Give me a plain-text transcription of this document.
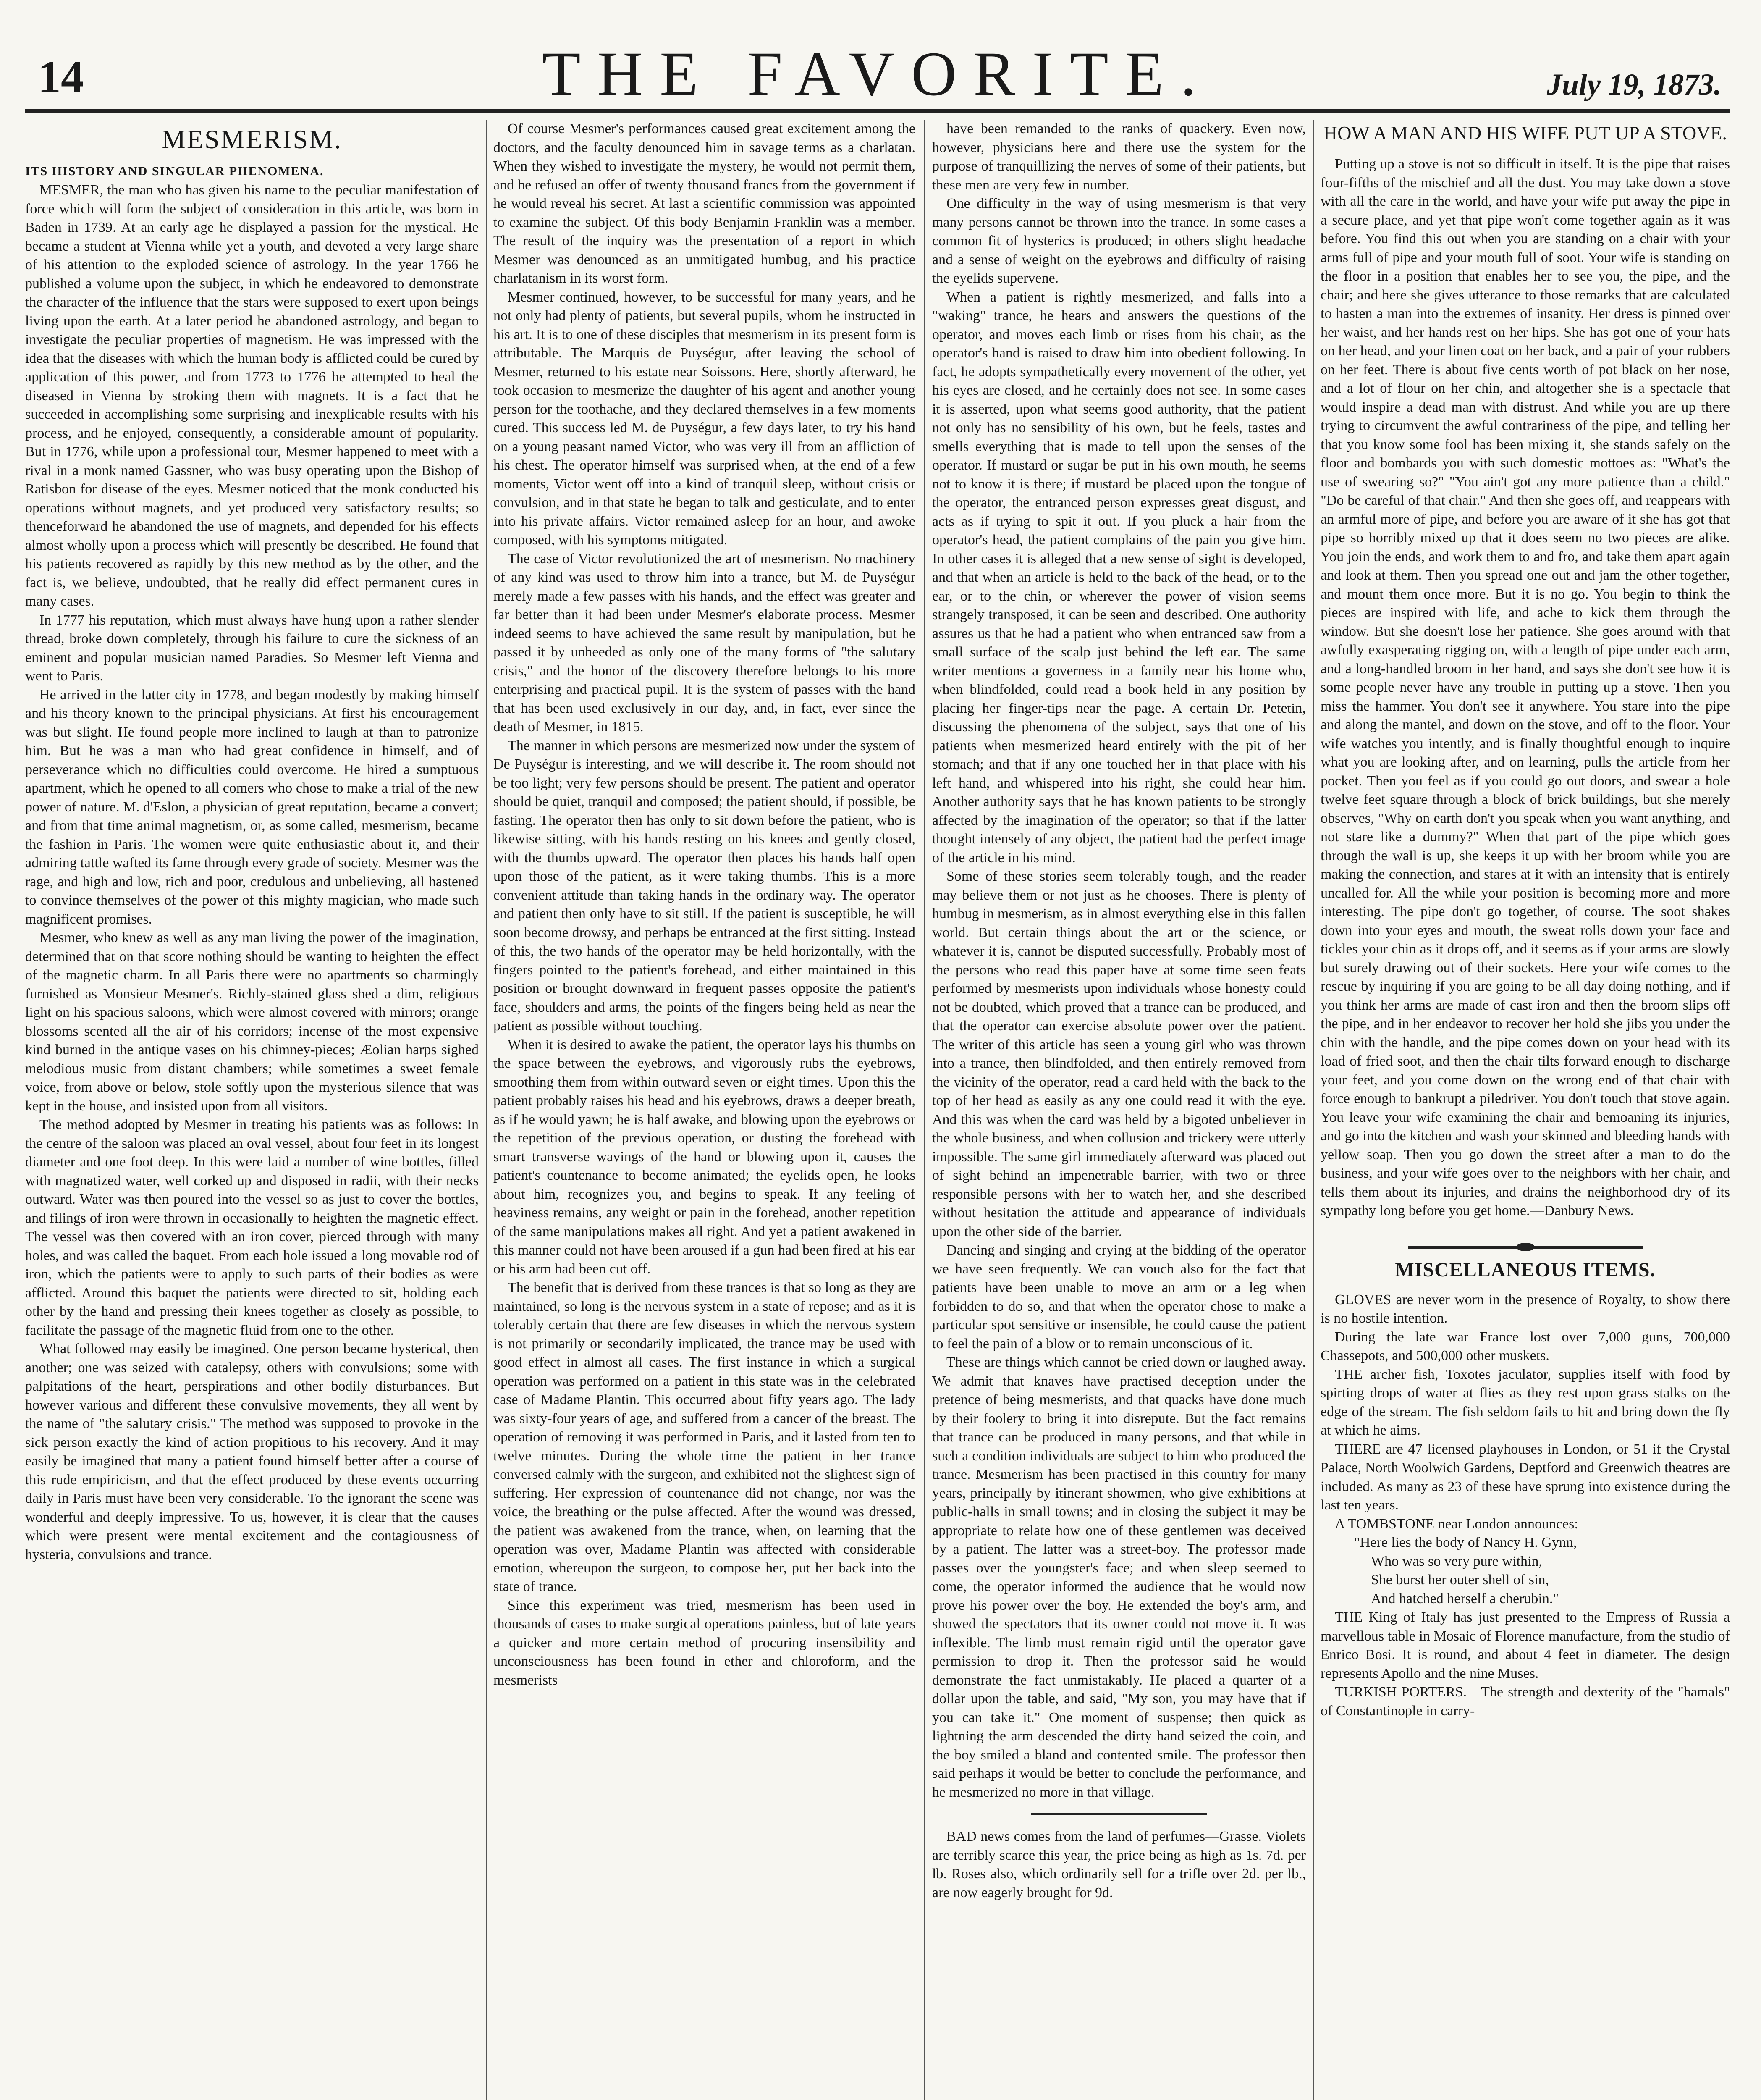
14	THE FAVORITE.	July 19, 1873.
MESMERISM.

ITS HISTORY AND SINGULAR PHENOMENA.

MESMER, the man who has given his name to the peculiar manifestation of force which will form the subject of consideration in this article, was born in Baden in 1739. At an early age he displayed a passion for the mystical. He became a student at Vienna while yet a youth, and devoted a very large share of his attention to the exploded science of astrology. In the year 1766 he published a volume upon the subject, in which he endeavored to demonstrate the character of the influence that the stars were supposed to exert upon beings living upon the earth. At a later period he abandoned astrology, and began to investigate the peculiar properties of magnetism. He was impressed with the idea that the diseases with which the human body is afflicted could be cured by application of this power, and from 1773 to 1776 he attempted to heal the diseased in Vienna by stroking them with magnets. It is a fact that he succeeded in accomplishing some surprising and inexplicable results with his process, and he enjoyed, consequently, a considerable amount of popularity. But in 1776, while upon a professional tour, Mesmer happened to meet with a rival in a monk named Gassner, who was busy operating upon the Bishop of Ratisbon for disease of the eyes. Mesmer noticed that the monk conducted his operations without magnets, and yet produced very satisfactory results; so thenceforward he abandoned the use of magnets, and depended for his effects almost wholly upon a process which will presently be described. He found that his patients recovered as rapidly by this new method as by the other, and the fact is, we believe, undoubted, that he really did effect permanent cures in many cases.

In 1777 his reputation, which must always have hung upon a rather slender thread, broke down completely, through his failure to cure the sickness of an eminent and popular musician named Paradies. So Mesmer left Vienna and went to Paris.

He arrived in the latter city in 1778, and began modestly by making himself and his theory known to the principal physicians. At first his encouragement was but slight. He found people more inclined to laugh at than to patronize him. But he was a man who had great confidence in himself, and of perseverance which no difficulties could overcome. He hired a sumptuous apartment, which he opened to all comers who chose to make a trial of the new power of nature. M. d'Eslon, a physician of great reputation, became a convert; and from that time animal magnetism, or, as some called, mesmerism, became the fashion in Paris. The women were quite enthusiastic about it, and their admiring tattle wafted its fame through every grade of society. Mesmer was the rage, and high and low, rich and poor, credulous and unbelieving, all hastened to convince themselves of the power of this mighty magician, who made such magnificent promises.

Mesmer, who knew as well as any man living the power of the imagination, determined that on that score nothing should be wanting to heighten the effect of the magnetic charm. In all Paris there were no apartments so charmingly furnished as Monsieur Mesmer's. Richly-stained glass shed a dim, religious light on his spacious saloons, which were almost covered with mirrors; orange blossoms scented all the air of his corridors; incense of the most expensive kind burned in the antique vases on his chimney-pieces; Æolian harps sighed melodious music from distant chambers; while sometimes a sweet female voice, from above or below, stole softly upon the mysterious silence that was kept in the house, and insisted upon from all visitors.

The method adopted by Mesmer in treating his patients was as follows: In the centre of the saloon was placed an oval vessel, about four feet in its longest diameter and one foot deep. In this were laid a number of wine bottles, filled with magnatized water, well corked up and disposed in radii, with their necks outward. Water was then poured into the vessel so as just to cover the bottles, and filings of iron were thrown in occasionally to heighten the magnetic effect. The vessel was then covered with an iron cover, pierced through with many holes, and was called the baquet. From each hole issued a long movable rod of iron, which the patients were to apply to such parts of their bodies as were afflicted. Around this baquet the patients were directed to sit, holding each other by the hand and pressing their knees together as closely as possible, to facilitate the passage of the magnetic fluid from one to the other.

What followed may easily be imagined. One person became hysterical, then another; one was seized with catalepsy, others with convulsions; some with palpitations of the heart, perspirations and other bodily disturbances. But however various and different these convulsive movements, they all went by the name of "the salutary crisis." The method was supposed to provoke in the sick person exactly the kind of action propitious to his recovery. And it may easily be imagined that many a patient found himself better after a course of this rude empiricism, and that the effect produced by these events occurring daily in Paris must have been very considerable. To the ignorant the scene was wonderful and deeply impressive. To us, however, it is clear that the causes which were present were mental excitement and the contagiousness of hysteria, convulsions and trance.

Of course Mesmer's performances caused great excitement among the doctors, and the faculty denounced him in savage terms as a charlatan. When they wished to investigate the mystery, he would not permit them, and he refused an offer of twenty thousand francs from the government if he would reveal his secret. At last a scientific commission was appointed to examine the subject. Of this body Benjamin Franklin was a member. The result of the inquiry was the presentation of a report in which Mesmer was denounced as an unmitigated humbug, and his practice charlatanism in its worst form.

Mesmer continued, however, to be successful for many years, and he not only had plenty of patients, but several pupils, whom he instructed in his art. It is to one of these disciples that mesmerism in its present form is attributable. The Marquis de Puységur, after leaving the school of Mesmer, returned to his estate near Soissons. Here, shortly afterward, he took occasion to mesmerize the daughter of his agent and another young person for the toothache, and they declared themselves in a few moments cured. This success led M. de Puységur, a few days later, to try his hand on a young peasant named Victor, who was very ill from an affliction of his chest. The operator himself was surprised when, at the end of a few moments, Victor went off into a kind of tranquil sleep, without crisis or convulsion, and in that state he began to talk and gesticulate, and to enter into his private affairs. Victor remained asleep for an hour, and awoke composed, with his symptoms mitigated.

The case of Victor revolutionized the art of mesmerism. No machinery of any kind was used to throw him into a trance, but M. de Puységur merely made a few passes with his hands, and the effect was greater and far better than it had been under Mesmer's elaborate process. Mesmer indeed seems to have achieved the same result by manipulation, but he passed it by unheeded as only one of the many forms of "the salutary crisis," and the honor of the discovery therefore belongs to his more enterprising and practical pupil. It is the system of passes with the hand that has been used exclusively in our day, and, in fact, ever since the death of Mesmer, in 1815.

The manner in which persons are mesmerized now under the system of De Puységur is interesting, and we will describe it. The room should not be too light; very few persons should be present. The patient and operator should be quiet, tranquil and composed; the patient should, if possible, be fasting. The operator then has only to sit down before the patient, who is likewise sitting, with his hands resting on his knees and gently closed, with the thumbs upward. The operator then places his hands half open upon those of the patient, as it were taking thumbs. This is a more convenient attitude than taking hands in the ordinary way. The operator and patient then only have to sit still. If the patient is susceptible, he will soon become drowsy, and perhaps be entranced at the first sitting. Instead of this, the two hands of the operator may be held horizontally, with the fingers pointed to the patient's forehead, and either maintained in this position or brought downward in frequent passes opposite the patient's face, shoulders and arms, the points of the fingers being held as near the patient as possible without touching.

When it is desired to awake the patient, the operator lays his thumbs on the space between the eyebrows, and vigorously rubs the eyebrows, smoothing them from within outward seven or eight times. Upon this the patient probably raises his head and his eyebrows, draws a deeper breath, as if he would yawn; he is half awake, and blowing upon the eyebrows or the repetition of the previous operation, or dusting the forehead with smart transverse wavings of the hand or blowing upon it, causes the patient's countenance to become animated; the eyelids open, he looks about him, recognizes you, and begins to speak. If any feeling of heaviness remains, any weight or pain in the forehead, another repetition of the same manipulations makes all right. And yet a patient awakened in this manner could not have been aroused if a gun had been fired at his ear or his arm had been cut off.

The benefit that is derived from these trances is that so long as they are maintained, so long is the nervous system in a state of repose; and as it is tolerably certain that there are few diseases in which the nervous system is not primarily or secondarily implicated, the trance may be used with good effect in almost all cases. The first instance in which a surgical operation was performed on a patient in this state was in the celebrated case of Madame Plantin. This occurred about fifty years ago. The lady was sixty-four years of age, and suffered from a cancer of the breast. The operation of removing it was performed in Paris, and it lasted from ten to twelve minutes. During the whole time the patient in her trance conversed calmly with the surgeon, and exhibited not the slightest sign of suffering. Her expression of countenance did not change, nor was the voice, the breathing or the pulse affected. After the wound was dressed, the patient was awakened from the trance, when, on learning that the operation was over, Madame Plantin was affected with considerable emotion, whereupon the surgeon, to compose her, put her back into the state of trance.

Since this experiment was tried, mesmerism has been used in thousands of cases to make surgical operations painless, but of late years a quicker and more certain method of procuring insensibility and unconsciousness has been found in ether and chloroform, and the mesmerists

have been remanded to the ranks of quackery. Even now, however, physicians here and there use the system for the purpose of tranquillizing the nerves of some of their patients, but these men are very few in number.

One difficulty in the way of using mesmerism is that very many persons cannot be thrown into the trance. In some cases a common fit of hysterics is produced; in others slight headache and a sense of weight on the eyebrows and difficulty of raising the eyelids supervene.

When a patient is rightly mesmerized, and falls into a "waking" trance, he hears and answers the questions of the operator, and moves each limb or rises from his chair, as the operator's hand is raised to draw him into obedient following. In fact, he adopts sympathetically every movement of the other, yet his eyes are closed, and he certainly does not see. In some cases it is asserted, upon what seems good authority, that the patient not only has no sensibility of his own, but he feels, tastes and smells everything that is made to tell upon the senses of the operator. If mustard or sugar be put in his own mouth, he seems not to know it is there; if mustard be placed upon the tongue of the operator, the entranced person expresses great disgust, and acts as if trying to spit it out. If you pluck a hair from the operator's head, the patient complains of the pain you give him. In other cases it is alleged that a new sense of sight is developed, and that when an article is held to the back of the head, or to the ear, or to the chin, or wherever the power of vision seems strangely transposed, it can be seen and described. One authority assures us that he had a patient who when entranced saw from a small surface of the scalp just behind the left ear. The same writer mentions a governess in a family near his home who, when blindfolded, could read a book held in any position by placing her finger-tips near the page. A certain Dr. Petetin, discussing the phenomena of the subject, says that one of his patients when mesmerized heard entirely with the pit of her stomach; and that if any one touched her in that place with his left hand, and whispered into his right, she could hear him. Another authority says that he has known patients to be strongly affected by the imagination of the operator; so that if the latter thought intensely of any object, the patient had the perfect image of the article in his mind.

Some of these stories seem tolerably tough, and the reader may believe them or not just as he chooses. There is plenty of humbug in mesmerism, as in almost everything else in this fallen world. But certain things about the art or the science, or whatever it is, cannot be disputed successfully. Probably most of the persons who read this paper have at some time seen feats performed by mesmerists upon individuals whose honesty could not be doubted, which proved that a trance can be produced, and that the operator can exercise absolute power over the patient. The writer of this article has seen a young girl who was thrown into a trance, then blindfolded, and then entirely removed from the vicinity of the operator, read a card held with the back to the top of her head as easily as any one could read it with the eye. And this was when the card was held by a bigoted unbeliever in the whole business, and when collusion and trickery were utterly impossible. The same girl immediately afterward was placed out of sight behind an impenetrable barrier, with two or three responsible persons with her to watch her, and she described without hesitation the attitude and appearance of individuals upon the other side of the barrier.

Dancing and singing and crying at the bidding of the operator we have seen frequently. We can vouch also for the fact that patients have been unable to move an arm or a leg when forbidden to do so, and that when the operator chose to make a particular spot sensitive or insensible, he could cause the patient to feel the pain of a blow or to remain unconscious of it.

These are things which cannot be cried down or laughed away. We admit that knaves have practised deception under the pretence of being mesmerists, and that quacks have done much by their foolery to bring it into disrepute. But the fact remains that trance can be produced in many persons, and that while in such a condition individuals are subject to him who produced the trance. Mesmerism has been practised in this country for many years, principally by itinerant showmen, who give exhibitions at public-halls in small towns; and in closing the subject it may be appropriate to relate how one of these gentlemen was deceived by a patient. The latter was a street-boy. The professor made passes over the youngster's face; and when sleep seemed to come, the operator informed the audience that he would now prove his power over the boy. He extended the boy's arm, and showed the spectators that its owner could not move it. It was inflexible. The limb must remain rigid until the operator gave permission to drop it. Then the professor said he would demonstrate the fact unmistakably. He placed a quarter of a dollar upon the table, and said, "My son, you may have that if you can take it." One moment of suspense; then quick as lightning the arm descended the dirty hand seized the coin, and the boy smiled a bland and contented smile. The professor then said perhaps it would be better to conclude the performance, and he mesmerized no more in that village.

BAD news comes from the land of perfumes—Grasse. Violets are terribly scarce this year, the price being as high as 1s. 7d. per lb. Roses also, which ordinarily sell for a trifle over 2d. per lb., are now eagerly brought for 9d.

HOW A MAN AND HIS WIFE PUT UP A STOVE.

Putting up a stove is not so difficult in itself. It is the pipe that raises four-fifths of the mischief and all the dust. You may take down a stove with all the care in the world, and have your wife put away the pipe in a secure place, and yet that pipe won't come together again as it was before. You find this out when you are standing on a chair with your arms full of pipe and your mouth full of soot. Your wife is standing on the floor in a position that enables her to see you, the pipe, and the chair; and here she gives utterance to those remarks that are calculated to hasten a man into the extremes of insanity. Her dress is pinned over her waist, and her hands rest on her hips. She has got one of your hats on her head, and your linen coat on her back, and a pair of your rubbers on her feet. There is about five cents worth of pot black on her nose, and a lot of flour on her chin, and altogether she is a spectacle that would inspire a dead man with distrust. And while you are up there trying to circumvent the awful contrariness of the pipe, and telling her that you know some fool has been mixing it, she stands safely on the floor and bombards you with such domestic mottoes as: "What's the use of swearing so?" "You ain't got any more patience than a child." "Do be careful of that chair." And then she goes off, and reappears with an armful more of pipe, and before you are aware of it she has got that pipe so horribly mixed up that it does seem no two pieces are alike. You join the ends, and work them to and fro, and take them apart again and look at them. Then you spread one out and jam the other together, and mount them once more. But it is no go. You begin to think the pieces are inspired with life, and ache to kick them through the window. But she doesn't lose her patience. She goes around with that awfully exasperating rigging on, with a length of pipe under each arm, and a long-handled broom in her hand, and says she don't see how it is some people never have any trouble in putting up a stove. Then you miss the hammer. You don't see it anywhere. You stare into the pipe and along the mantel, and down on the stove, and off to the floor. Your wife watches you intently, and is finally thoughtful enough to inquire what you are looking after, and on learning, pulls the article from her pocket. Then you feel as if you could go out doors, and swear a hole twelve feet square through a block of brick buildings, but she merely observes, "Why on earth don't you speak when you want anything, and not stare like a dummy?" When that part of the pipe which goes through the wall is up, she keeps it up with her broom while you are making the connection, and stares at it with an intensity that is entirely uncalled for. All the while your position is becoming more and more interesting. The pipe don't go together, of course. The soot shakes down into your eyes and mouth, the sweat rolls down your face and tickles your chin as it drops off, and it seems as if your arms are slowly but surely drawing out of their sockets. Here your wife comes to the rescue by inquiring if you are going to be all day doing nothing, and if you think her arms are made of cast iron and then the broom slips off the pipe, and in her endeavor to recover her hold she jibs you under the chin with the handle, and the pipe comes down on your head with its load of fried soot, and then the chair tilts forward enough to discharge your feet, and you come down on the wrong end of that chair with force enough to bankrupt a piledriver. You don't touch that stove again. You leave your wife examining the chair and bemoaning its injuries, and go into the kitchen and wash your skinned and bleeding hands with yellow soap. Then you go down the street after a man to do the business, and your wife goes over to the neighbors with her chair, and tells them about its injuries, and drains the neighborhood dry of its sympathy long before you get home.—Danbury News.

MISCELLANEOUS ITEMS.

GLOVES are never worn in the presence of Royalty, to show there is no hostile intention.

During the late war France lost over 7,000 guns, 700,000 Chassepots, and 500,000 other muskets.

THE archer fish, Toxotes jaculator, supplies itself with food by spirting drops of water at flies as they rest upon grass stalks on the edge of the stream. The fish seldom fails to hit and bring down the fly at which he aims.

THERE are 47 licensed playhouses in London, or 51 if the Crystal Palace, North Woolwich Gardens, Deptford and Greenwich theatres are included. As many as 23 of these have sprung into existence during the last ten years.

A TOMBSTONE near London announces:—

"Here lies the body of Nancy H. Gynn,

Who was so very pure within,

She burst her outer shell of sin,

And hatched herself a cherubin."

THE King of Italy has just presented to the Empress of Russia a marvellous table in Mosaic of Florence manufacture, from the studio of Enrico Bosi. It is round, and about 4 feet in diameter. The design represents Apollo and the nine Muses.

TURKISH PORTERS.—The strength and dexterity of the "hamals" of Constantinople in carry-
